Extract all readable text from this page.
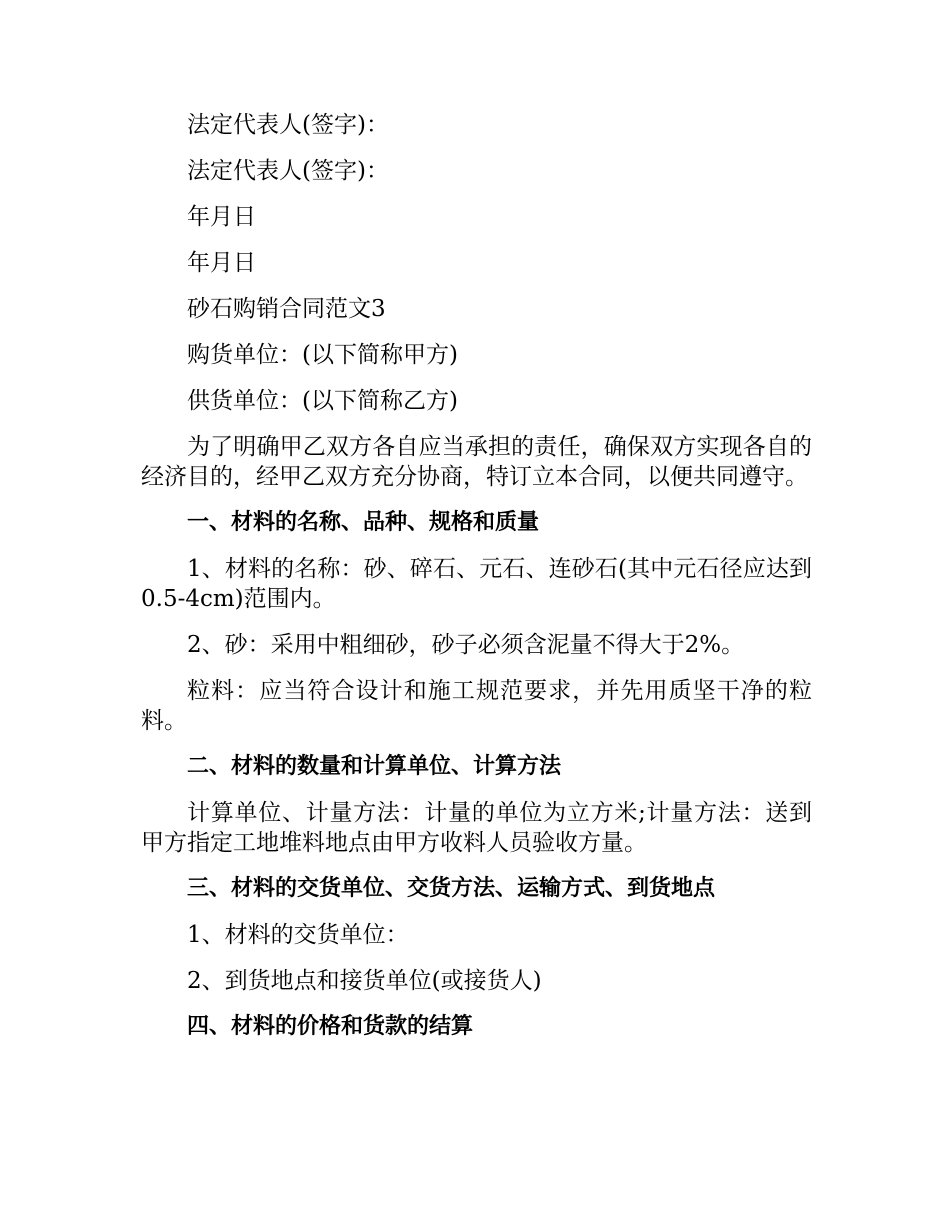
法定代表人(签字)：

法定代表人(签字)：

年月日

年月日

砂石购销合同范文3

购货单位：(以下简称甲方)

供货单位：(以下简称乙方)

为了明确甲乙双方各自应当承担的责任，确保双方实现各自的经济目的，经甲乙双方充分协商，特订立本合同，以便共同遵守。

一、材料的名称、品种、规格和质量

1、材料的名称：砂、碎石、元石、连砂石(其中元石径应达到0.5-4cm)范围内。

2、砂：采用中粗细砂，砂子必须含泥量不得大于2%。

粒料：应当符合设计和施工规范要求，并先用质坚干净的粒料。

二、材料的数量和计算单位、计算方法

计算单位、计量方法：计量的单位为立方米;计量方法：送到甲方指定工地堆料地点由甲方收料人员验收方量。

三、材料的交货单位、交货方法、运输方式、到货地点

1、材料的交货单位：

2、到货地点和接货单位(或接货人)

四、材料的价格和货款的结算
